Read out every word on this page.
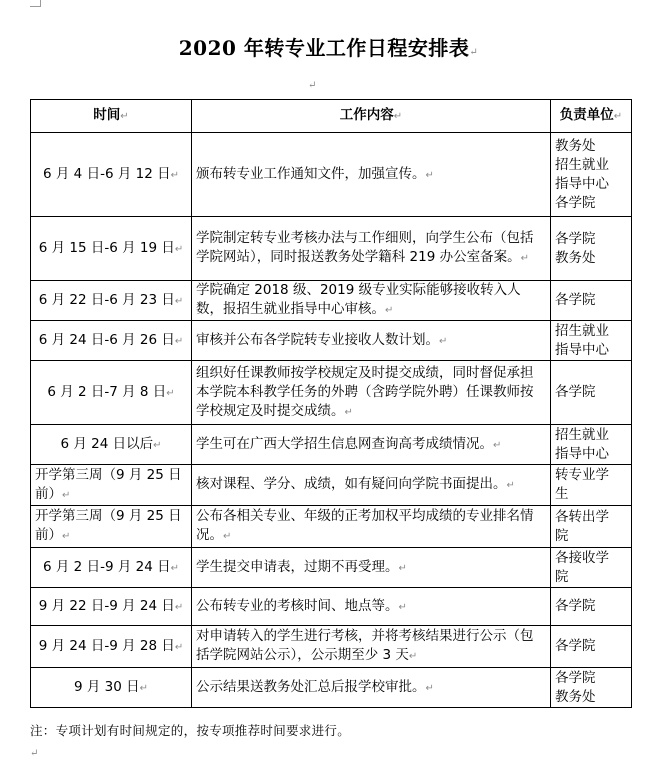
2020 年转专业工作日程安排表↵
↵
时间↵	工作内容↵	负责单位↵
6 月 4 日-6 月 12 日↵	颁布转专业工作通知文件，加强宣传。↵	教务处
招生就业
指导中心
各学院

6 月 15 日-6 月 19 日↵	学院制定转专业考核办法与工作细则，向学生公布（包括学院网站），同时报送教务处学籍科 219 办公室备案。↵	各学院
教务处

6 月 22 日-6 月 23 日↵	学院确定 2018 级、2019 级专业实际能够接收转入人数，报招生就业指导中心审核。↵	各学院

6 月 24 日-6 月 26 日↵	审核并公布各学院转专业接收人数计划。↵	招生就业
指导中心

6 月 2 日-7 月 8 日↵	组织好任课教师按学校规定及时提交成绩，同时督促承担本学院本科教学任务的外聘（含跨学院外聘）任课教师按学校规定及时提交成绩。↵	各学院

6 月 24 日以后↵	学生可在广西大学招生信息网查询高考成绩情况。↵	招生就业
指导中心

开学第三周（9 月 25 日前）↵	核对课程、学分、成绩，如有疑问向学院书面提出。↵	转专业学
生

开学第三周（9 月 25 日前）↵	公布各相关专业、年级的正考加权平均成绩的专业排名情况。↵	各转出学
院

6 月 2 日-9 月 24 日↵	学生提交申请表，过期不再受理。↵	各接收学
院

9 月 22 日-9 月 24 日↵	公布转专业的考核时间、地点等。↵	各学院

9 月 24 日-9 月 28 日↵	对申请转入的学生进行考核，并将考核结果进行公示（包括学院网站公示），公示期至少 3 天↵	各学院

9 月 30 日↵	公示结果送教务处汇总后报学校审批。↵	各学院
教务处
注：专项计划有时间规定的，按专项推荐时间要求进行。
↵
